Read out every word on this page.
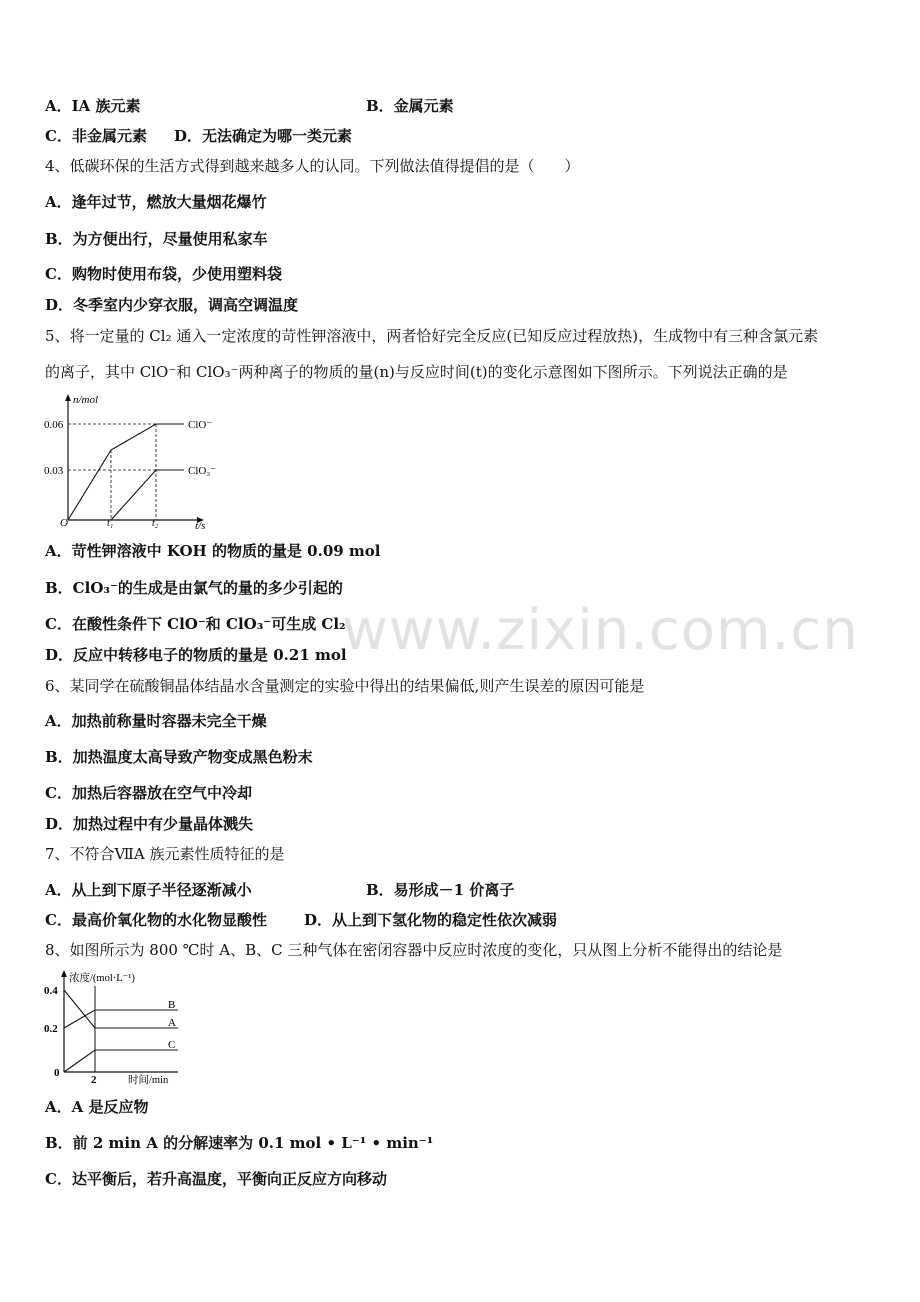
www.zixin.com.cn
A．IA 族元素	B．金属元素
C．非金属元素 D．无法确定为哪一类元素
4、低碳环保的生活方式得到越来越多人的认同。下列做法值得提倡的是（　　）
A．逢年过节，燃放大量烟花爆竹
B．为方便出行，尽量使用私家车
C．购物时使用布袋，少使用塑料袋
D．冬季室内少穿衣服，调高空调温度
5、将一定量的 Cl₂ 通入一定浓度的苛性钾溶液中，两者恰好完全反应(已知反应过程放热)，生成物中有三种含氯元素
的离子，其中 ClO⁻和 ClO₃⁻两种离子的物质的量(n)与反应时间(t)的变化示意图如下图所示。下列说法正确的是
n/mol
0.06
0.03
O	t₁	t₂	t/s
ClO⁻
ClO₃⁻
A．苛性钾溶液中 KOH 的物质的量是 0.09 mol
B．ClO₃⁻的生成是由氯气的量的多少引起的
C．在酸性条件下 ClO⁻和 ClO₃⁻可生成 Cl₂
D．反应中转移电子的物质的量是 0.21 mol
6、某同学在硫酸铜晶体结晶水含量测定的实验中得出的结果偏低,则产生误差的原因可能是
A．加热前称量时容器未完全干燥
B．加热温度太高导致产物变成黑色粉末
C．加热后容器放在空气中冷却
D．加热过程中有少量晶体溅失
7、不符合ⅦA 族元素性质特征的是
A．从上到下原子半径逐渐减小	B．易形成－1 价离子
C．最高价氧化物的水化物显酸性 D．从上到下氢化物的稳定性依次减弱
8、如图所示为 800 ℃时 A、B、C 三种气体在密闭容器中反应时浓度的变化，只从图上分析不能得出的结论是
0.4
0.2
0
2
浓度/(mol·L⁻¹)
时间/min
B
A
C
A．A 是反应物
B．前 2 min A 的分解速率为 0.1 mol • L⁻¹ • min⁻¹
C．达平衡后，若升高温度，平衡向正反应方向移动
